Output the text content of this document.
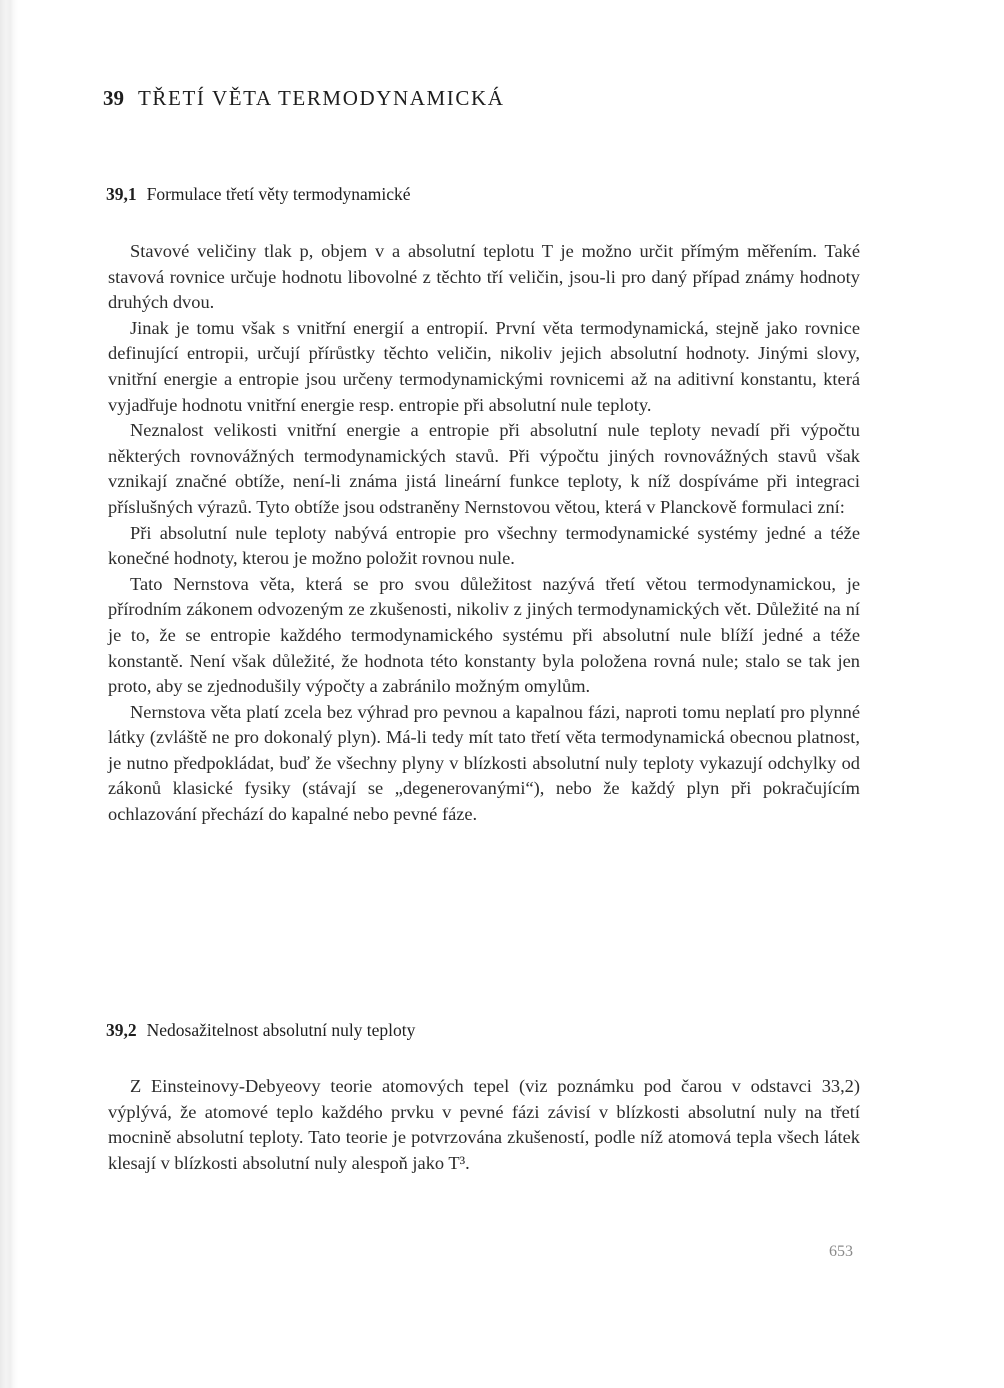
39 TŘETÍ VĚTA TERMODYNAMICKÁ
39,1 Formulace třetí věty termodynamické

Stavové veličiny tlak p, objem v a absolutní teplotu T je možno určit přímým měřením. Také stavová rovnice určuje hodnotu libovolné z těchto tří veličin, jsou-li pro daný případ známy hodnoty druhých dvou.

Jinak je tomu však s vnitřní energií a entropií. První věta termodynamická, stejně jako rovnice definující entropii, určují přírůstky těchto veličin, nikoliv jejich absolutní hodnoty. Jinými slovy, vnitřní energie a entropie jsou určeny termodynamickými rovnicemi až na aditivní konstantu, která vyjadřuje hodnotu vnitřní energie resp. entropie při absolutní nule teploty.

Neznalost velikosti vnitřní energie a entropie při absolutní nule teploty nevadí při výpočtu některých rovnovážných termodynamických stavů. Při výpočtu jiných rovnovážných stavů však vznikají značné obtíže, není-li známa jistá lineární funkce teploty, k níž dospíváme při integraci příslušných výrazů. Tyto obtíže jsou odstraněny Nernstovou větou, která v Planckově formulaci zní:

Při absolutní nule teploty nabývá entropie pro všechny termodynamické systémy jedné a téže konečné hodnoty, kterou je možno položit rovnou nule.

Tato Nernstova věta, která se pro svou důležitost nazývá třetí větou termodynamickou, je přírodním zákonem odvozeným ze zkušenosti, nikoliv z jiných termodynamických vět. Důležité na ní je to, že se entropie každého termodynamického systému při absolutní nule blíží jedné a téže konstantě. Není však důležité, že hodnota této konstanty byla položena rovná nule; stalo se tak jen proto, aby se zjednodušily výpočty a zabránilo možným omylům.

Nernstova věta platí zcela bez výhrad pro pevnou a kapalnou fázi, naproti tomu neplatí pro plynné látky (zvláště ne pro dokonalý plyn). Má-li tedy mít tato třetí věta termodynamická obecnou platnost, je nutno předpokládat, buď že všechny plyny v blízkosti absolutní nuly teploty vykazují odchylky od zákonů klasické fysiky (stávají se „degenerovanými“), nebo že každý plyn při pokračujícím ochlazování přechází do kapalné nebo pevné fáze.

39,2 Nedosažitelnost absolutní nuly teploty

Z Einsteinovy-Debyeovy teorie atomových tepel (viz poznámku pod čarou v odstavci 33,2) výplývá, že atomové teplo každého prvku v pevné fázi závisí v blízkosti absolutní nuly na třetí mocnině absolutní teploty. Tato teorie je potvrzována zkušeností, podle níž atomová tepla všech látek klesají v blízkosti absolutní nuly alespoň jako T³.

653
